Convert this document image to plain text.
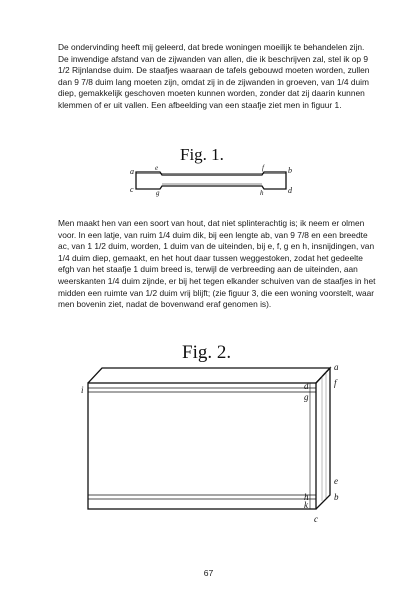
De ondervinding heeft mij geleerd, dat brede woningen moeilijk te behandelen zijn. De inwendige afstand van de zijwanden van allen, die ik beschrijven zal, stel ik op 9 1/2 Rijnlandse duim. De staafjes waaraan de tafels gebouwd moeten worden, zullen dan 9 7/8 duim lang moeten zijn, omdat zij in de zijwanden in groeven, van 1/4 duim diep, gemakkelijk geschoven moeten kunnen worden, zonder dat zij daarin kunnen klemmen of er uit vallen. Een afbeelding van een staafje ziet men in figuur 1.

Fig. 1.
a	b
c	d
e	f
g	h

Men maakt hen van een soort van hout, dat niet splinterachtig is; ik neem er olmen voor. In een latje, van ruim 1/4 duim dik, bij een lengte ab, van 9 7/8 en een breedte ac, van 1 1/2 duim, worden, 1 duim van de uiteinden, bij e, f, g en h, insnijdingen, van 1/4 duim diep, gemaakt, en het hout daar tussen weggestoken, zodat het gedeelte efgh van het staafje 1 duim breed is, terwijl de verbreeding aan de uiteinden, aan weerskanten 1/4 duim zijnde, er bij het tegen elkander schuiven van de staafjes in het midden een ruimte van 1/2 duim vrij blijft; (zie figuur 3, die een woning voorstelt, waar men bovenin ziet, nadat de bovenwand eraf genomen is).

Fig. 2.
a
b
c
d
e
f
g
h
i
k
67
